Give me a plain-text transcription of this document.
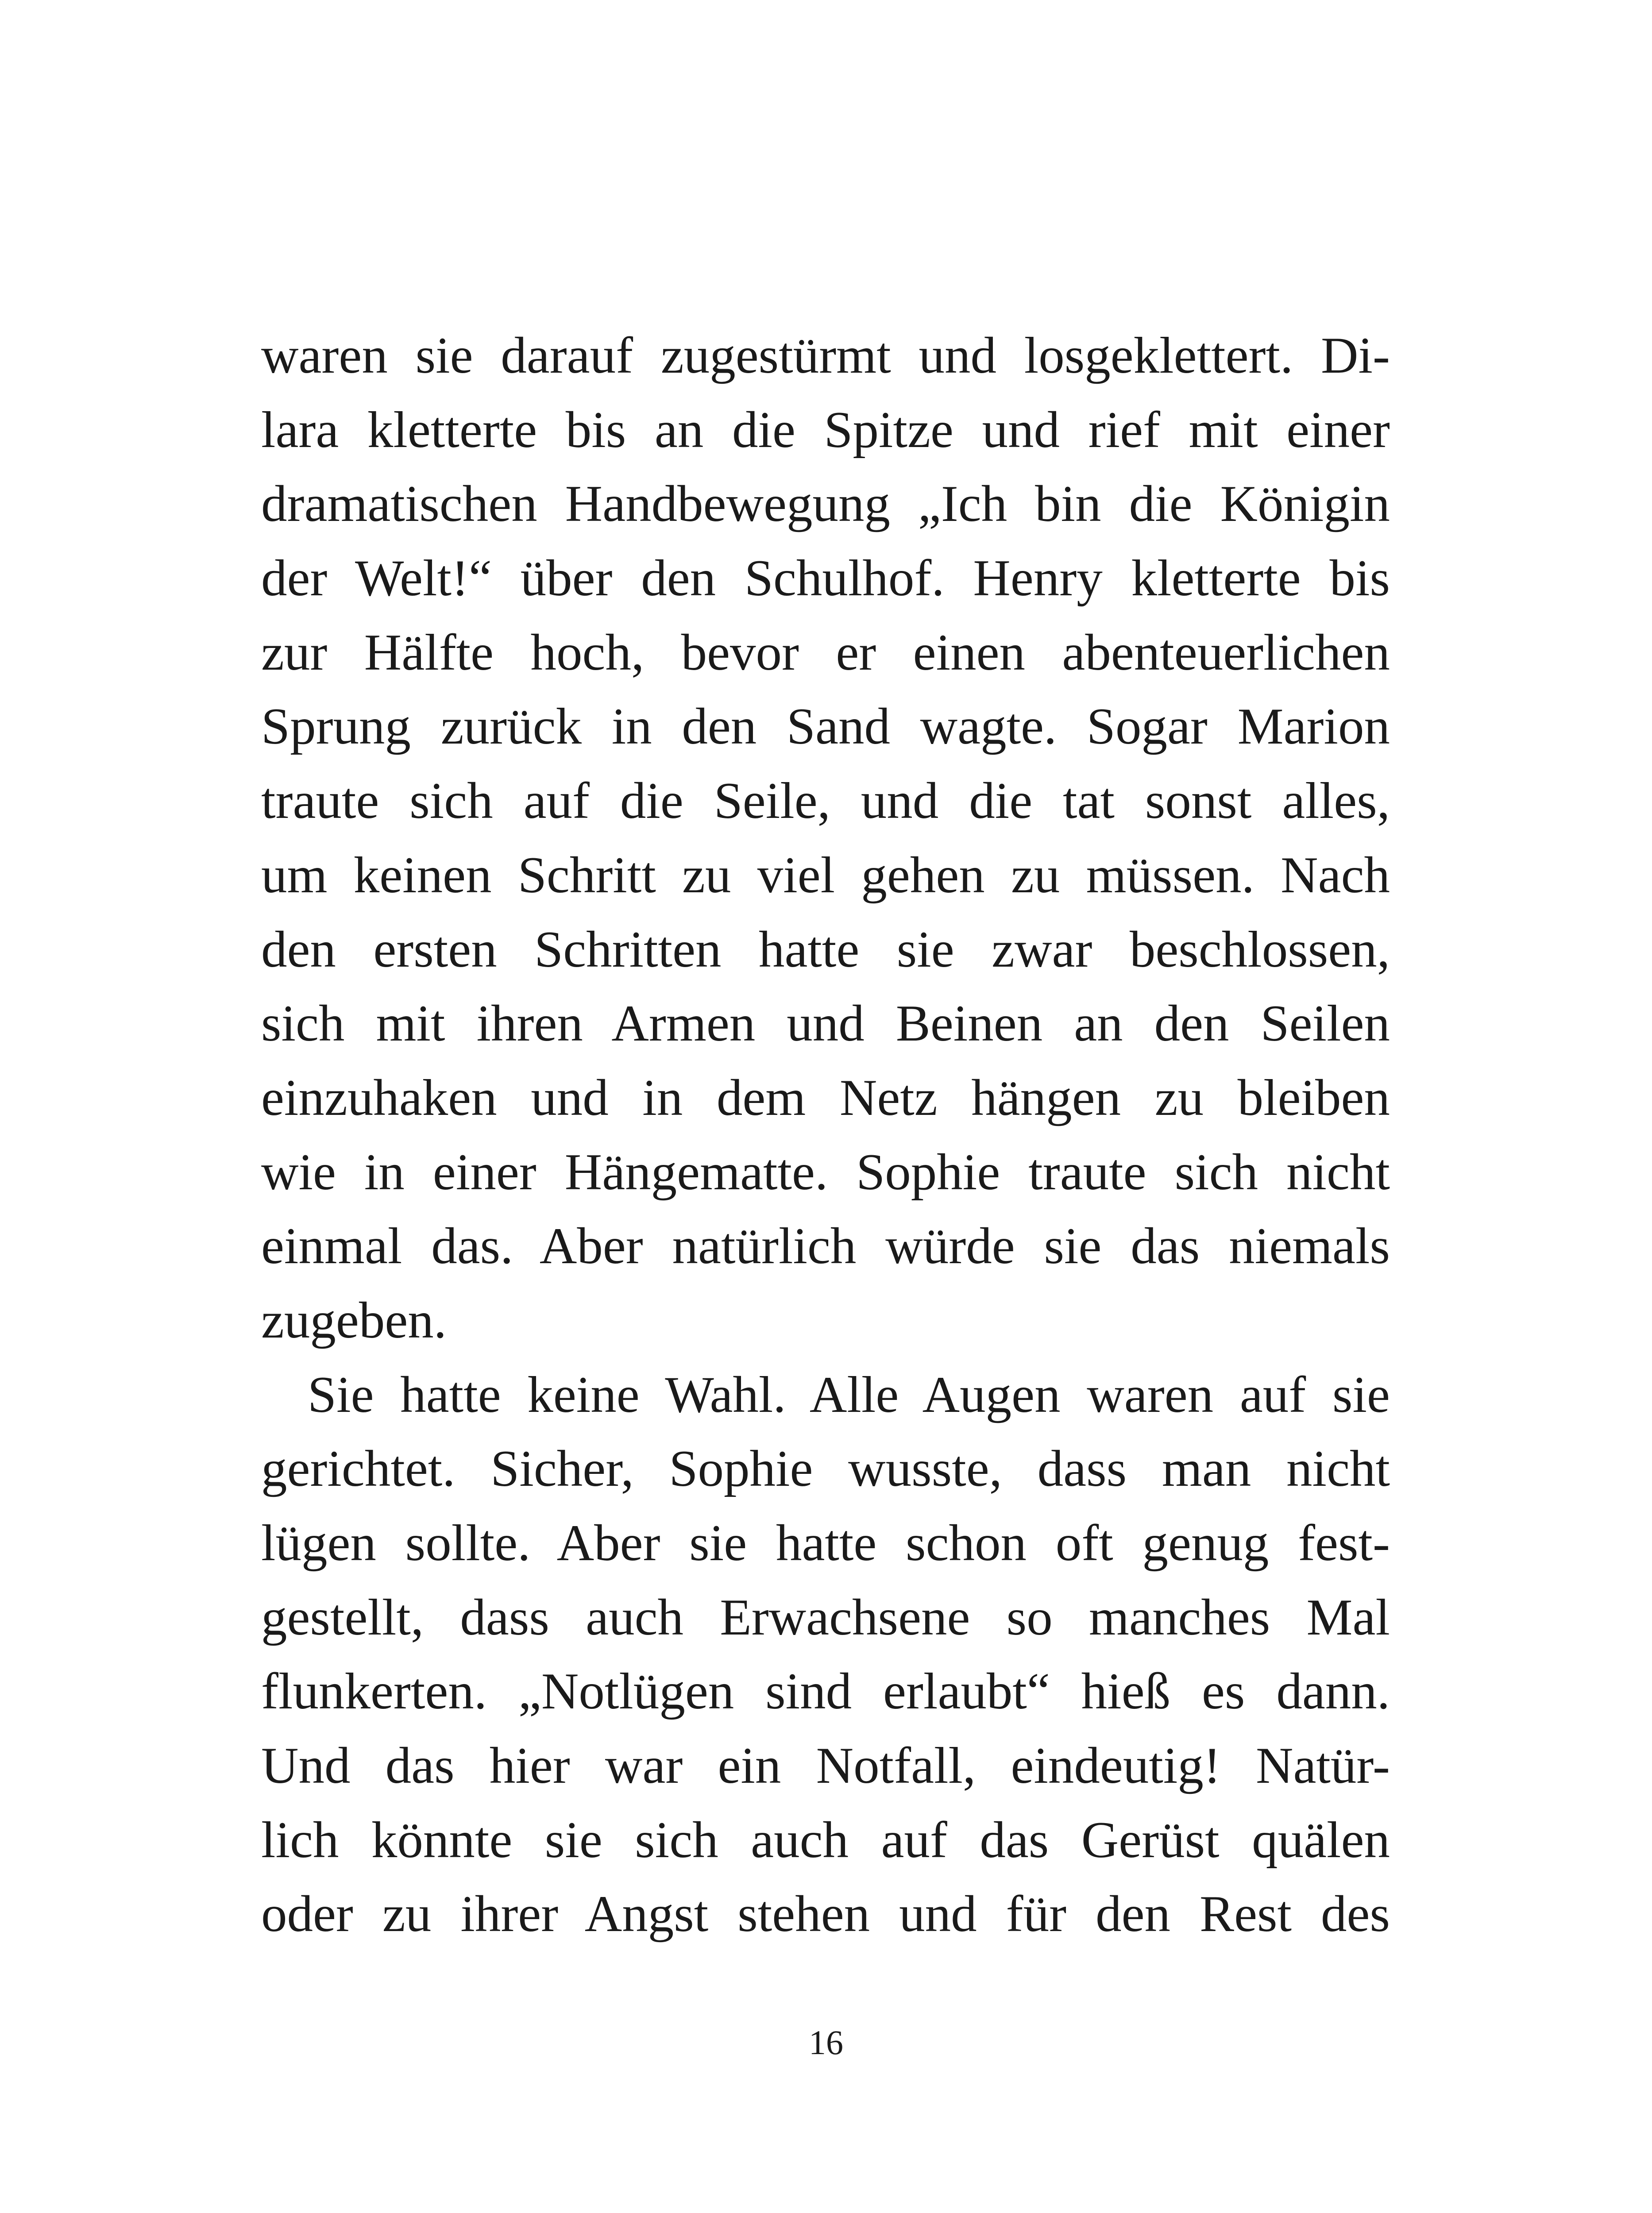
waren sie darauf zugestürmt und losgeklettert. Di-
lara kletterte bis an die Spitze und rief mit einer
dramatischen Handbewegung „Ich bin die Königin
der Welt!“ über den Schulhof. Henry kletterte bis
zur Hälfte hoch, bevor er einen abenteuerlichen
Sprung zurück in den Sand wagte. Sogar Marion
traute sich auf die Seile, und die tat sonst alles,
um keinen Schritt zu viel gehen zu müssen. Nach
den ersten Schritten hatte sie zwar beschlossen,
sich mit ihren Armen und Beinen an den Seilen
einzuhaken und in dem Netz hängen zu bleiben
wie in einer Hängematte. Sophie traute sich nicht
einmal das. Aber natürlich würde sie das niemals
zugeben.
Sie hatte keine Wahl. Alle Augen waren auf sie
gerichtet. Sicher, Sophie wusste, dass man nicht
lügen sollte. Aber sie hatte schon oft genug fest-
gestellt, dass auch Erwachsene so manches Mal
flunkerten. „Notlügen sind erlaubt“ hieß es dann.
Und das hier war ein Notfall, eindeutig! Natür-
lich könnte sie sich auch auf das Gerüst quälen
oder zu ihrer Angst stehen und für den Rest des
16
